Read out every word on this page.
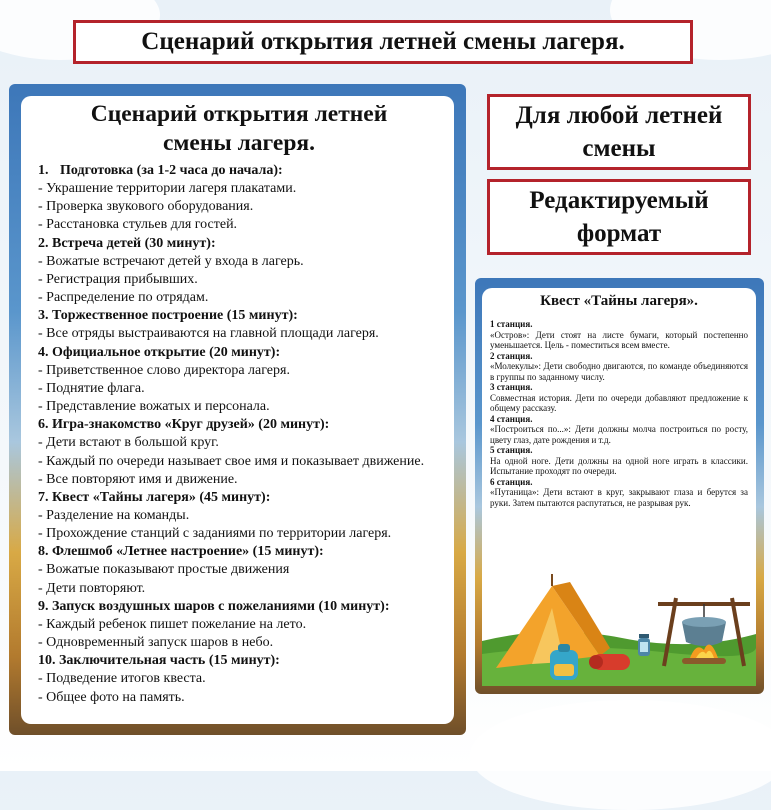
Сценарий открытия летней смены лагеря.
Сценарий открытия летней
смены лагеря.
1. Подготовка (за 1-2 часа до начала):
- Украшение территории лагеря плакатами.
- Проверка звукового оборудования.
- Расстановка стульев для гостей.
2. Встреча детей (30 минут):
- Вожатые встречают детей у входа в лагерь.
- Регистрация прибывших.
- Распределение по отрядам.
3. Торжественное построение (15 минут):
- Все отряды выстраиваются на главной площади лагеря.
4. Официальное открытие (20 минут):
- Приветственное слово директора лагеря.
- Поднятие флага.
- Представление вожатых и персонала.
6. Игра-знакомство «Круг друзей» (20 минут):
- Дети встают в большой круг.
- Каждый по очереди называет свое имя и показывает движение.
- Все повторяют имя и движение.
7. Квест «Тайны лагеря» (45 минут):
- Разделение на команды.
- Прохождение станций с заданиями по территории лагеря.
8. Флешмоб «Летнее настроение» (15 минут):
- Вожатые показывают простые движения
- Дети повторяют.
9. Запуск воздушных шаров с пожеланиями (10 минут):
- Каждый ребенок пишет пожелание на лето.
- Одновременный запуск шаров в небо.
10. Заключительная часть (15 минут):
- Подведение итогов квеста.
- Общее фото на память.
Для любой летней смены
Редактируемый формат
Квест «Тайны лагеря».
1 станция.
«Остров»: Дети стоят на листе бумаги, который постепенно уменьшается. Цель - поместиться всем вместе.
2 станция.
«Молекулы»: Дети свободно двигаются, по команде объединяются в группы по заданному числу.
3 станция.
Совместная история. Дети по очереди добавляют предложение к общему рассказу.
4 станция.
«Построиться по...»: Дети должны молча построиться по росту, цвету глаз, дате рождения и т.д.
5 станция.
На одной ноге. Дети должны на одной ноге играть в классики. Испытание проходят по очереди.
6 станция.
«Путаница»: Дети встают в круг, закрывают глаза и берутся за руки. Затем пытаются распутаться, не разрывая рук.
